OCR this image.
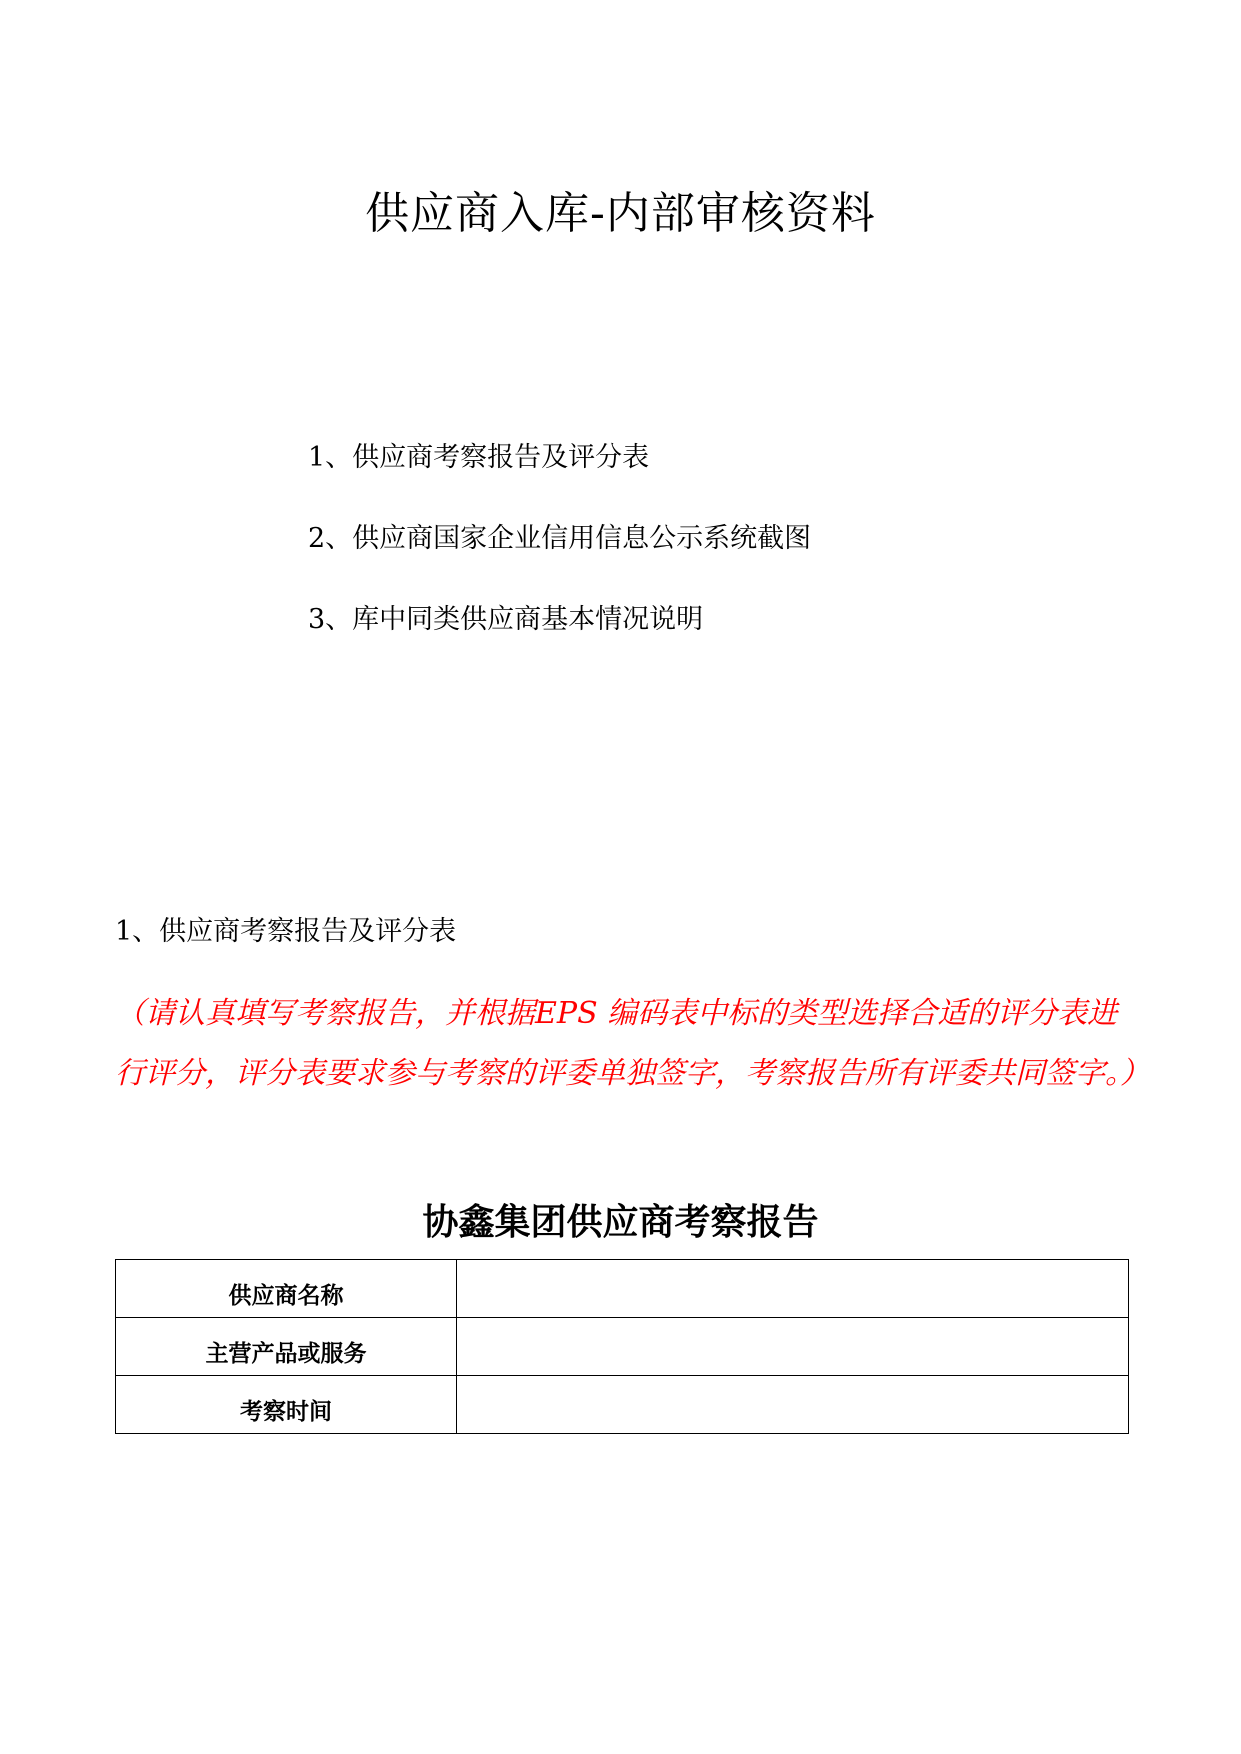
供应商入库-内部审核资料
1、供应商考察报告及评分表
2、供应商国家企业信用信息公示系统截图
3、库中同类供应商基本情况说明
1、供应商考察报告及评分表

（请认真填写考察报告，并根据EPS 编码表中标的类型选择合适的评分表进行评分，评分表要求参与考察的评委单独签字，考察报告所有评委共同签字。）

协鑫集团供应商考察报告
供应商名称	
主营产品或服务	
考察时间	
